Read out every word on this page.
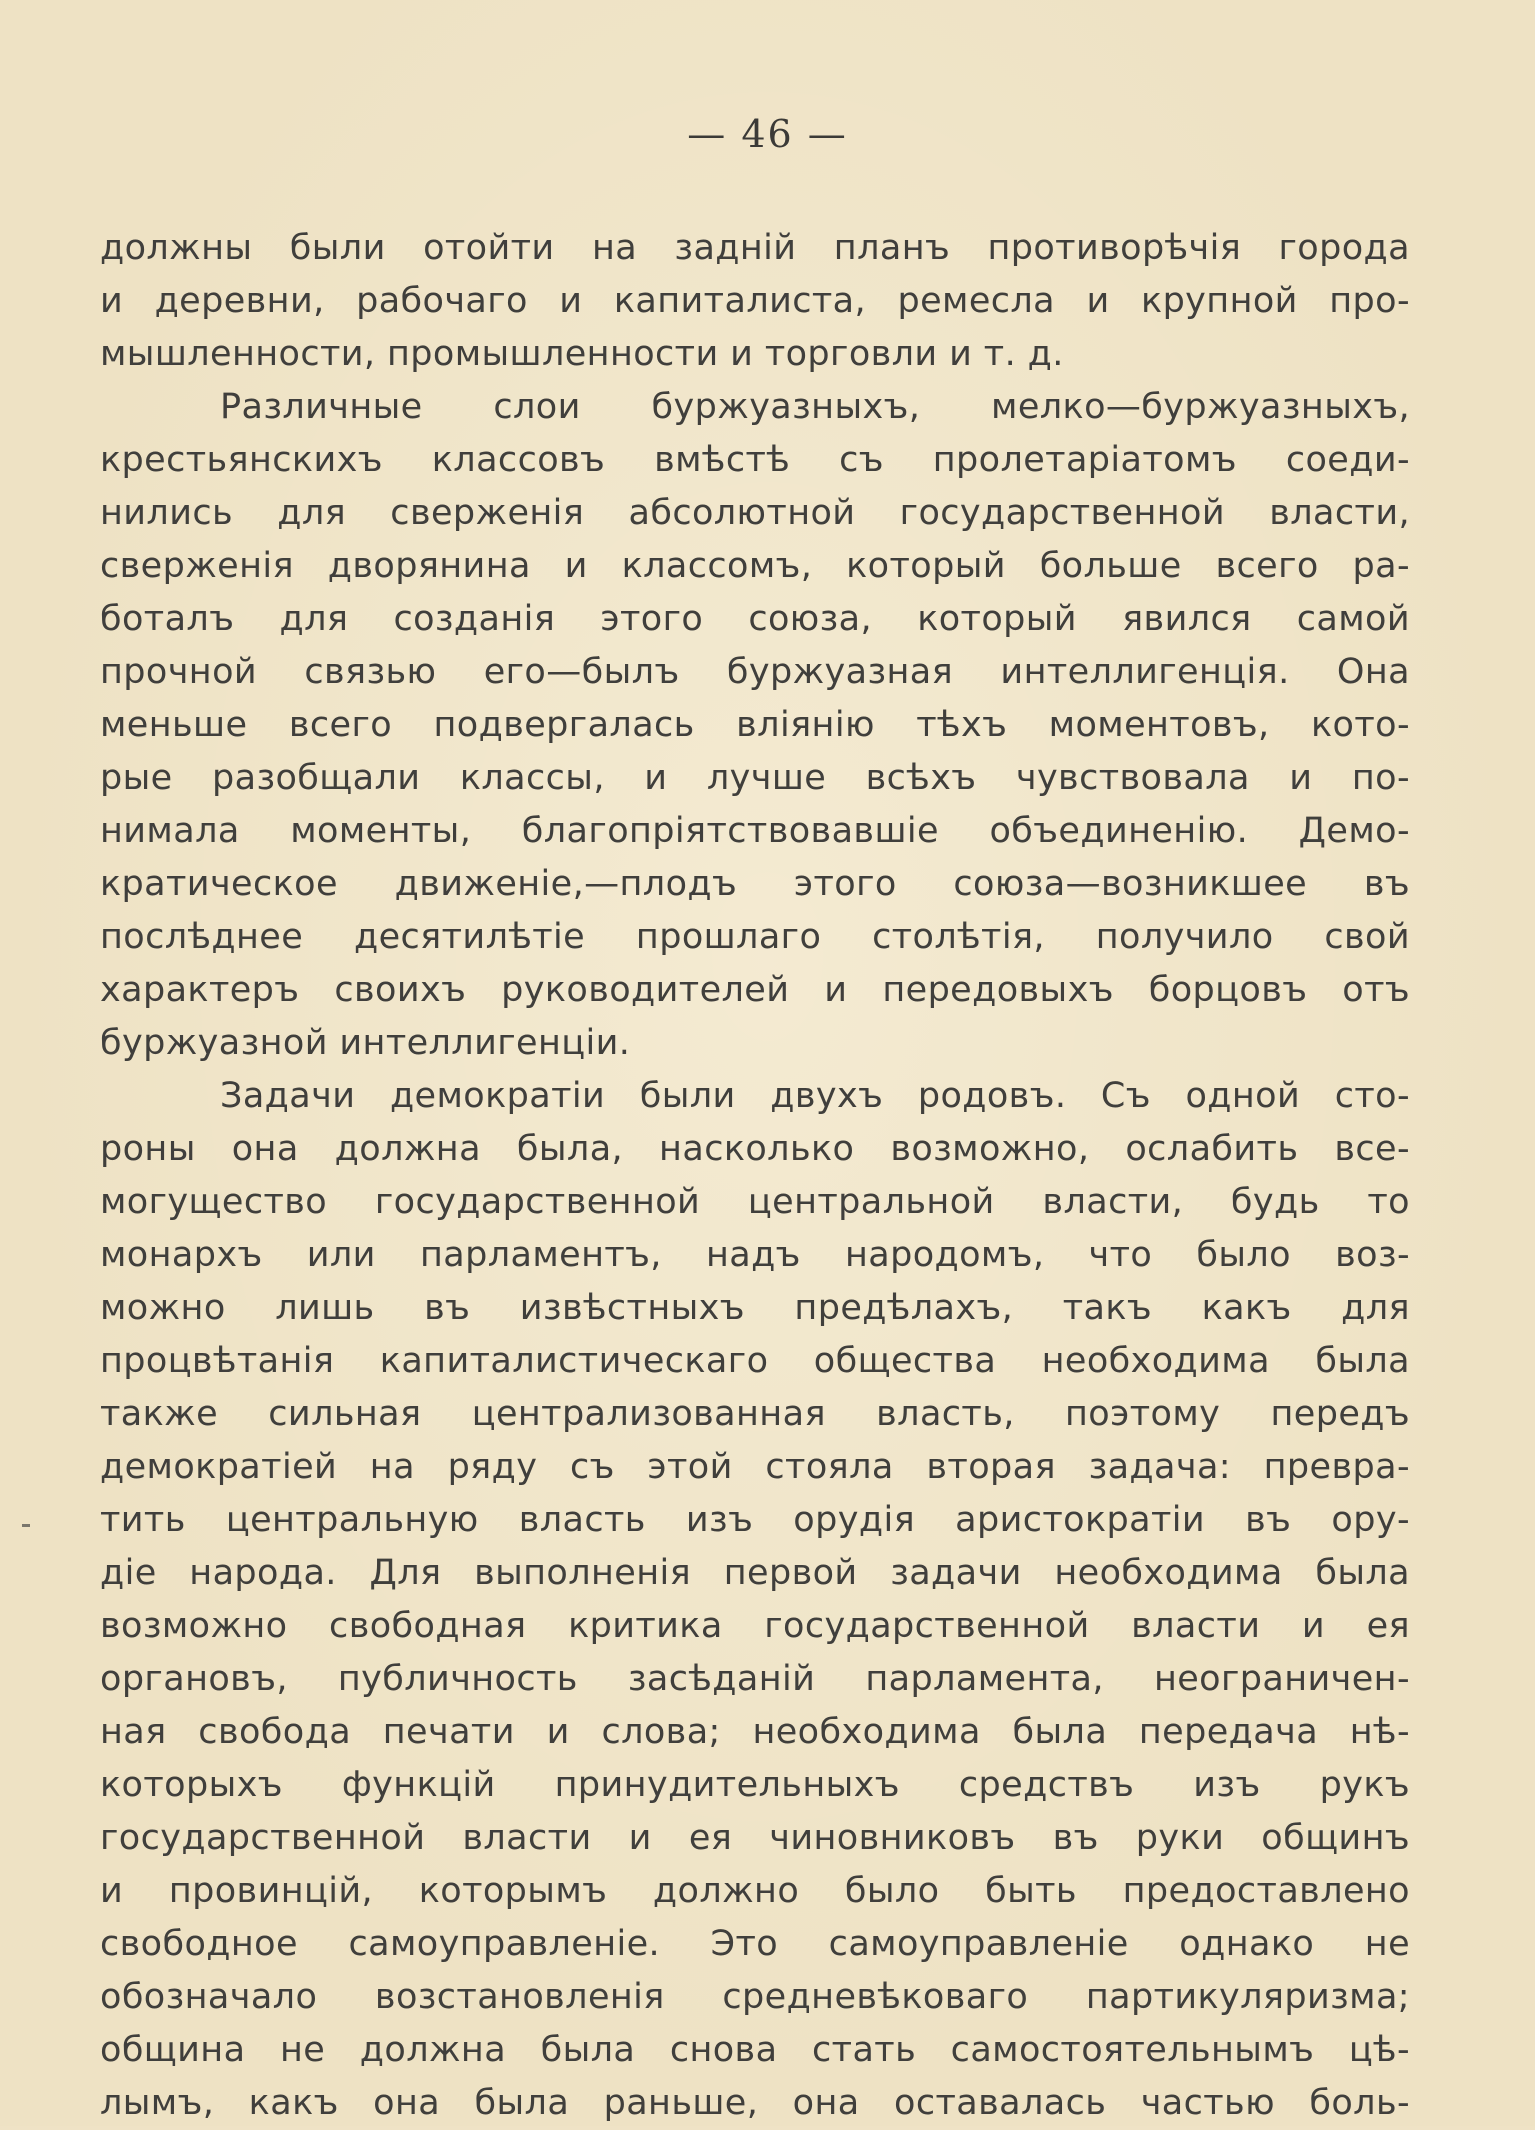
— 46 —
должны были отойти на заднiй планъ противорѣчiя города
и деревни, рабочаго и капиталиста, ремесла и крупной про-
мышленности, промышленности и торговли и т. д.
Различные слои буржуазныхъ, мелко—буржуазныхъ,
крестьянскихъ классовъ вмѣстѣ съ пролетарiатомъ соеди-
нились для сверженiя абсолютной государственной власти,
сверженiя дворянина и классомъ, который больше всего ра-
боталъ для созданiя этого союза, который явился самой
прочной связью его—былъ буржуазная интеллигенцiя. Она
меньше всего подвергалась влiянiю тѣхъ моментовъ, кото-
рые разобщали классы, и лучше всѣхъ чувствовала и по-
нимала моменты, благопрiятствовавшiе объединенiю. Демо-
кратическое движенiе,—плодъ этого союза—возникшее въ
послѣднее десятилѣтiе прошлаго столѣтiя, получило свой
характеръ своихъ руководителей и передовыхъ борцовъ отъ
буржуазной интеллигенцiи.
Задачи демократiи были двухъ родовъ. Съ одной сто-
роны она должна была, насколько возможно, ослабить все-
могущество государственной центральной власти, будь то
монархъ или парламентъ, надъ народомъ, что было воз-
можно лишь въ извѣстныхъ предѣлахъ, такъ какъ для
процвѣтанiя капиталистическаго общества необходима была
также сильная централизованная власть, поэтому передъ
демократiей на ряду съ этой стояла вторая задача: превра-
тить центральную власть изъ орудiя аристократiи въ ору-
дiе народа. Для выполненiя первой задачи необходима была
возможно свободная критика государственной власти и ея
органовъ, публичность засѣданiй парламента, неограничен-
ная свобода печати и слова; необходима была передача нѣ-
которыхъ функцiй принудительныхъ средствъ изъ рукъ
государственной власти и ея чиновниковъ въ руки общинъ
и провинцiй, которымъ должно было быть предоставлено
свободное самоуправленiе. Это самоуправленiе однако не
обозначало возстановленiя средневѣковаго партикуляризма;
община не должна была снова стать самостоятельнымъ цѣ-
лымъ, какъ она была раньше, она оставалась частью боль-
